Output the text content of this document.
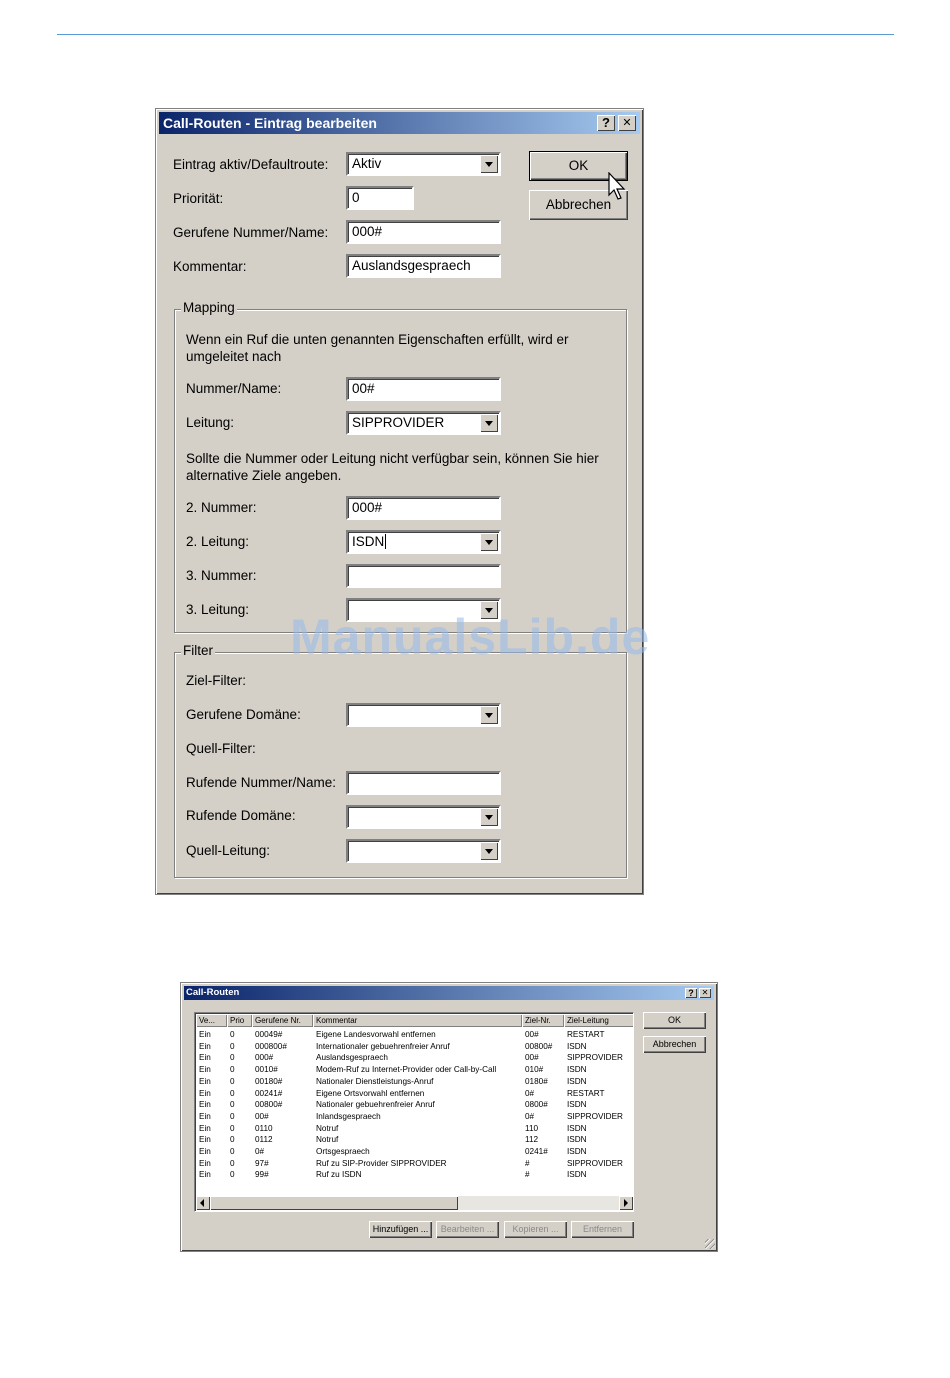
Call-Routen - Eintrag bearbeiten	?	✕
Eintrag aktiv/Defaultroute:	Aktiv
Priorität:	0
Gerufene Nummer/Name:	000#
Kommentar:	Auslandsgespraech
OK
Abbrechen
Mapping
Wenn ein Ruf die unten genannten Eigenschaften erfüllt, wird er umgeleitet nach
Nummer/Name:	00#
Leitung:	SIPPROVIDER
Sollte die Nummer oder Leitung nicht verfügbar sein, können Sie hier alternative Ziele angeben.
2. Nummer:	000#
2. Leitung:	ISDN
3. Nummer:
3. Leitung:
Filter
Ziel-Filter:
Gerufene Domäne:
Quell-Filter:
Rufende Nummer/Name:
Rufende Domäne:
Quell-Leitung:
ManualsLib.de
Call-Routen	? ✕
Ve...	Prio	Gerufene Nr.	Kommentar	Ziel-Nr.	Ziel-Leitung
Ein	0	00049#	Eigene Landesvorwahl entfernen	00#	RESTART
Ein	0	000800#	Internationaler gebuehrenfreier Anruf	00800#	ISDN
Ein	0	000#	Auslandsgespraech	00#	SIPPROVIDER
Ein	0	0010#	Modem-Ruf zu Internet-Provider oder Call-by-Call	010#	ISDN
Ein	0	00180#	Nationaler Dienstleistungs-Anruf	0180#	ISDN
Ein	0	00241#	Eigene Ortsvorwahl entfernen	0#	RESTART
Ein	0	00800#	Nationaler gebuehrenfreier Anruf	0800#	ISDN
Ein	0	00#	Inlandsgespraech	0#	SIPPROVIDER
Ein	0	0110	Notruf	110	ISDN
Ein	0	0112	Notruf	112	ISDN
Ein	0	0#	Ortsgespraech	0241#	ISDN
Ein	0	97#	Ruf zu SIP-Provider SIPPROVIDER	#	SIPPROVIDER
Ein	0	99#	Ruf zu ISDN	#	ISDN
OK
Abbrechen
Hinzufügen ...	Bearbeiten ...	Kopieren ...	Entfernen
